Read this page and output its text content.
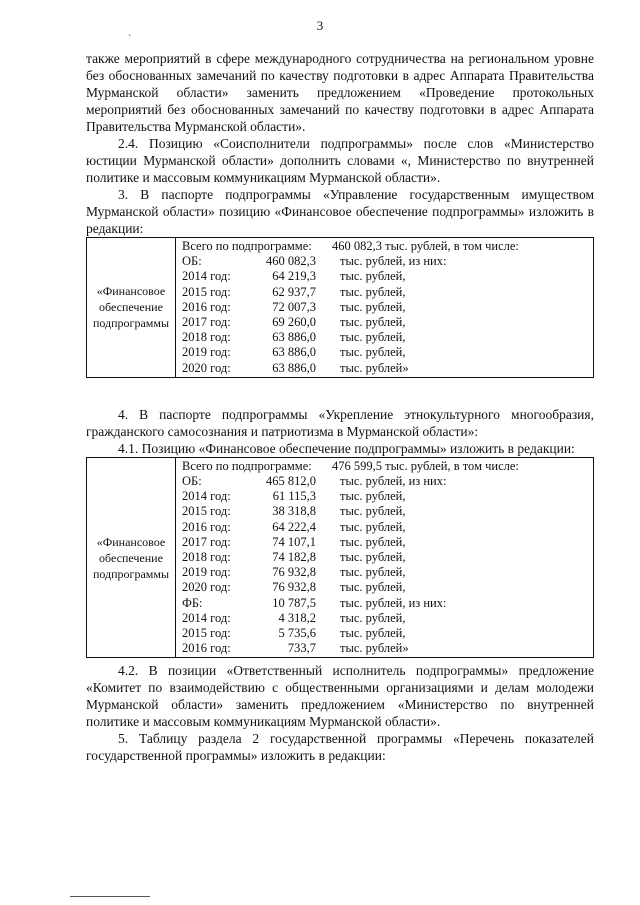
3
`

также мероприятий в сфере международного сотрудничества на региональном уровне без обоснованных замечаний по качеству подготовки в адрес Аппарата Правительства Мурманской области» заменить предложением «Проведение протокольных мероприятий без обоснованных замечаний по качеству подготовки в адрес Аппарата Правительства Мурманской области».

2.4. Позицию «Соисполнители подпрограммы» после слов «Министерство юстиции Мурманской области» дополнить словами «, Министерство по внутренней политике и массовым коммуникациям Мурманской области».

3. В паспорте подпрограммы «Управление государственным имуществом Мурманской области» позицию «Финансовое обеспечение подпрограммы» изложить в редакции:

«Финансовое обеспечение подпрограммы	
Всего по подпрограмме:	460 082,3 тыс. рублей, в том числе:
ОБ:	460 082,3	тыс. рублей, из них:
2014 год:	64 219,3	тыс. рублей,
2015 год:	62 937,7	тыс. рублей,
2016 год:	72 007,3	тыс. рублей,
2017 год:	69 260,0	тыс. рублей,
2018 год:	63 886,0	тыс. рублей,
2019 год:	63 886,0	тыс. рублей,
2020 год:	63 886,0	тыс. рублей»

4. В паспорте подпрограммы «Укрепление этнокультурного многообразия, гражданского самосознания и патриотизма в Мурманской области»:

4.1. Позицию «Финансовое обеспечение подпрограммы» изложить в редакции:

«Финансовое обеспечение подпрограммы	
Всего по подпрограмме:	476 599,5 тыс. рублей, в том числе:
ОБ:	465 812,0	тыс. рублей, из них:
2014 год:	61 115,3	тыс. рублей,
2015 год:	38 318,8	тыс. рублей,
2016 год:	64 222,4	тыс. рублей,
2017 год:	74 107,1	тыс. рублей,
2018 год:	74 182,8	тыс. рублей,
2019 год:	76 932,8	тыс. рублей,
2020 год:	76 932,8	тыс. рублей,
ФБ:	10 787,5	тыс. рублей, из них:
2014 год:	4 318,2	тыс. рублей,
2015 год:	5 735,6	тыс. рублей,
2016 год:	733,7	тыс. рублей»

4.2. В позиции «Ответственный исполнитель подпрограммы» предложение «Комитет по взаимодействию с общественными организациями и делам молодежи Мурманской области» заменить предложением «Министерство по внутренней политике и массовым коммуникациям Мурманской области».

5. Таблицу раздела 2 государственной программы «Перечень показателей государственной программы» изложить в редакции:
